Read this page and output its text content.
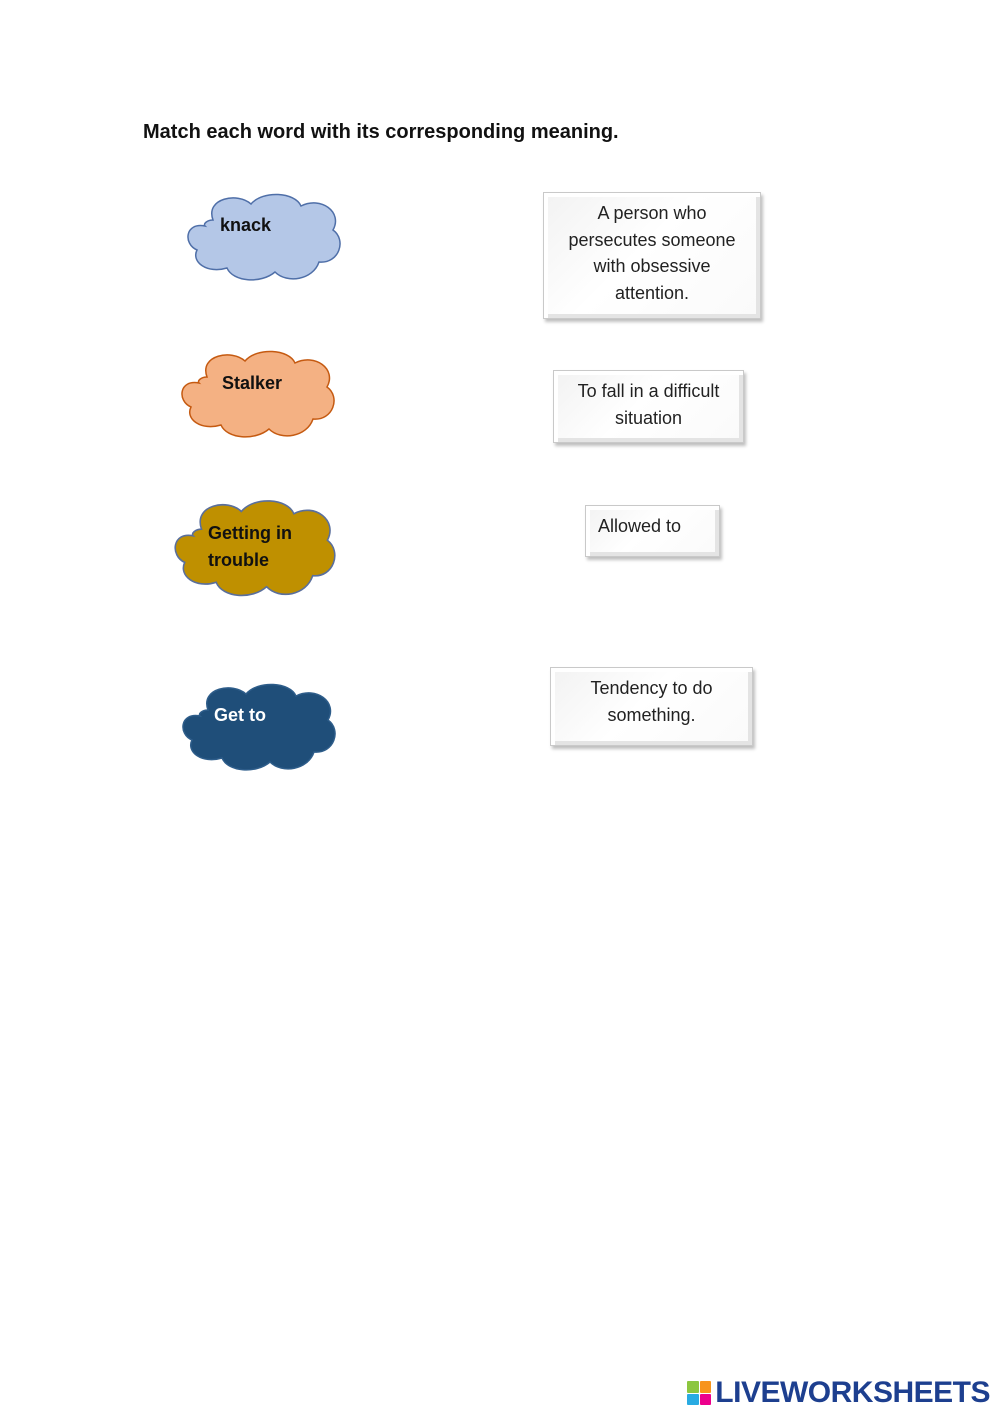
Match each word with its corresponding meaning.
knack
Stalker
Getting in
trouble
Get to
A person who
persecutes someone
with obsessive
attention.
To fall in a difficult
situation
Allowed to
Tendency to do
something.
LIVEWORKSHEETS
